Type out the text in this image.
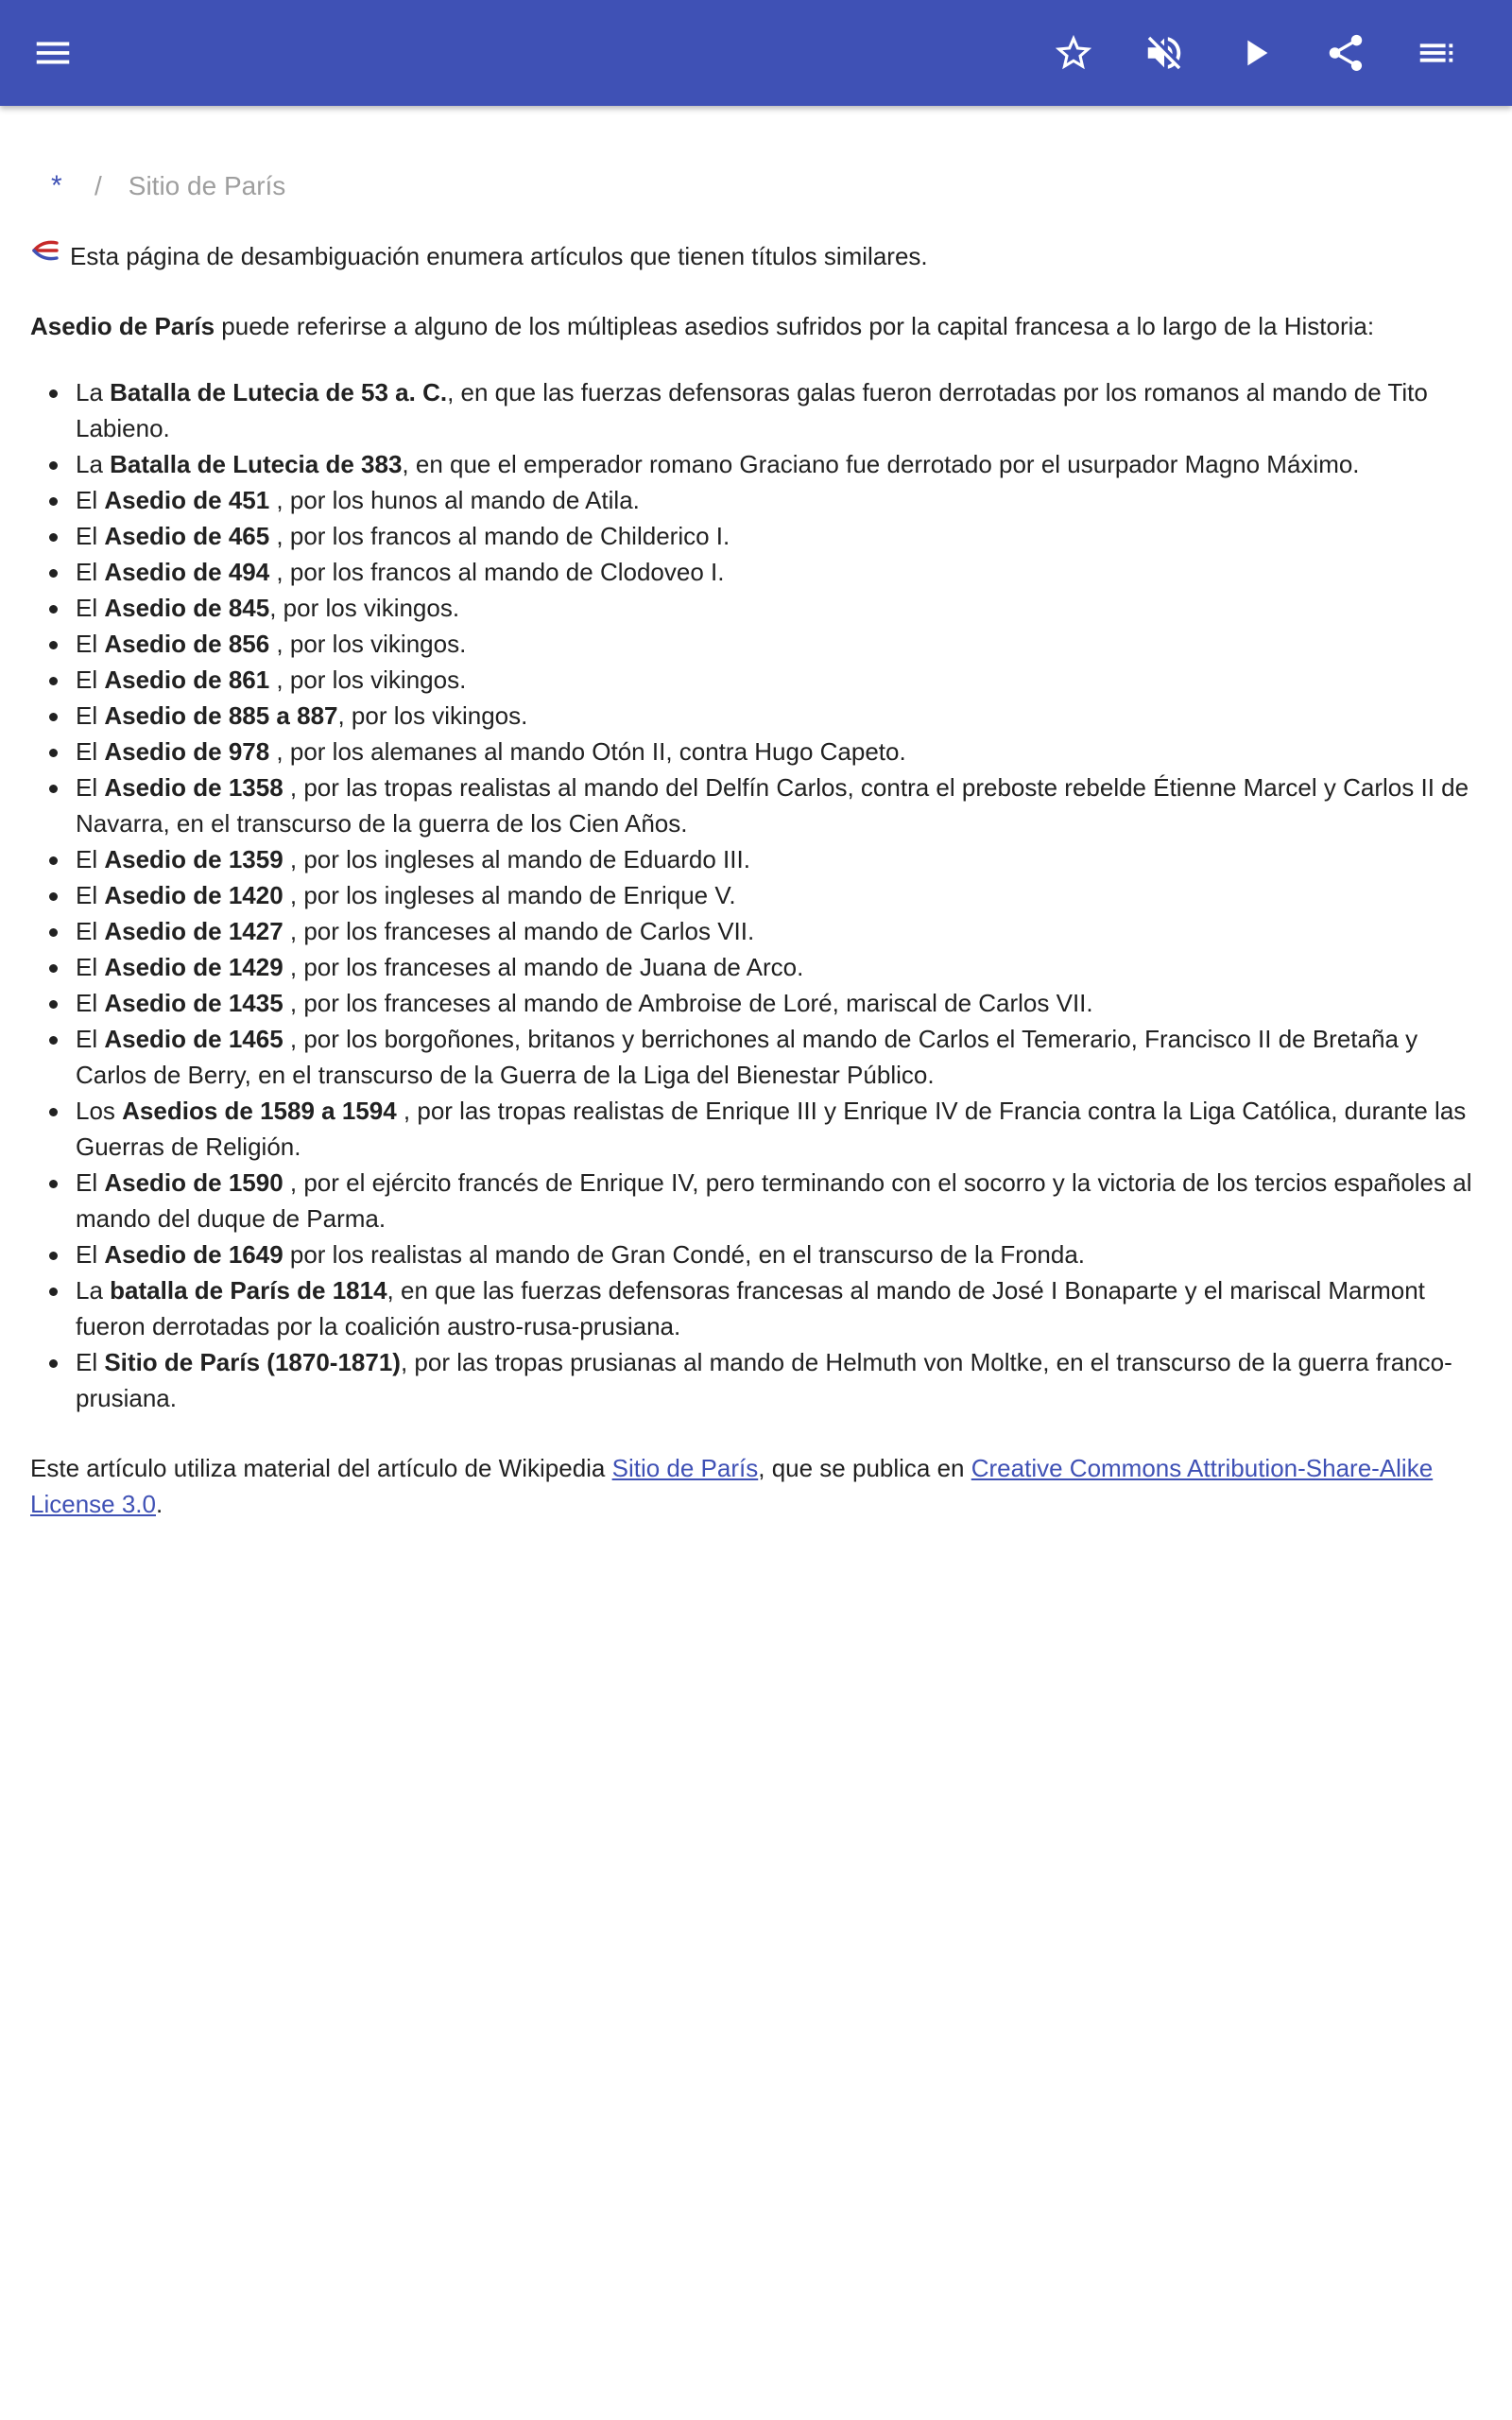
* / Sitio de París
Esta página de desambiguación enumera artículos que tienen títulos similares.

Asedio de París puede referirse a alguno de los múltipleas asedios sufridos por la capital francesa a lo largo de la Historia:

La Batalla de Lutecia de 53 a. C., en que las fuerzas defensoras galas fueron derrotadas por los romanos al mando de Tito Labieno.
La Batalla de Lutecia de 383, en que el emperador romano Graciano fue derrotado por el usurpador Magno Máximo.
El Asedio de 451 , por los hunos al mando de Atila.
El Asedio de 465 , por los francos al mando de Childerico I.
El Asedio de 494 , por los francos al mando de Clodoveo I.
El Asedio de 845, por los vikingos.
El Asedio de 856 , por los vikingos.
El Asedio de 861 , por los vikingos.
El Asedio de 885 a 887, por los vikingos.
El Asedio de 978 , por los alemanes al mando Otón II, contra Hugo Capeto.
El Asedio de 1358 , por las tropas realistas al mando del Delfín Carlos, contra el preboste rebelde Étienne Marcel y Carlos II de Navarra, en el transcurso de la guerra de los Cien Años.
El Asedio de 1359 , por los ingleses al mando de Eduardo III.
El Asedio de 1420 , por los ingleses al mando de Enrique V.
El Asedio de 1427 , por los franceses al mando de Carlos VII.
El Asedio de 1429 , por los franceses al mando de Juana de Arco.
El Asedio de 1435 , por los franceses al mando de Ambroise de Loré, mariscal de Carlos VII.
El Asedio de 1465 , por los borgoñones, britanos y berrichones al mando de Carlos el Temerario, Francisco II de Bretaña y Carlos de Berry, en el transcurso de la Guerra de la Liga del Bienestar Público.
Los Asedios de 1589 a 1594 , por las tropas realistas de Enrique III y Enrique IV de Francia contra la Liga Católica, durante las Guerras de Religión.
El Asedio de 1590 , por el ejército francés de Enrique IV, pero terminando con el socorro y la victoria de los tercios españoles al mando del duque de Parma.
El Asedio de 1649 por los realistas al mando de Gran Condé, en el transcurso de la Fronda.
La batalla de París de 1814, en que las fuerzas defensoras francesas al mando de José I Bonaparte y el mariscal Marmont fueron derrotadas por la coalición austro-rusa-prusiana.
El Sitio de París (1870-1871), por las tropas prusianas al mando de Helmuth von Moltke, en el transcurso de la guerra franco-prusiana.

Este artículo utiliza material del artículo de Wikipedia Sitio de París, que se publica en Creative Commons Attribution-Share-Alike License 3.0.
